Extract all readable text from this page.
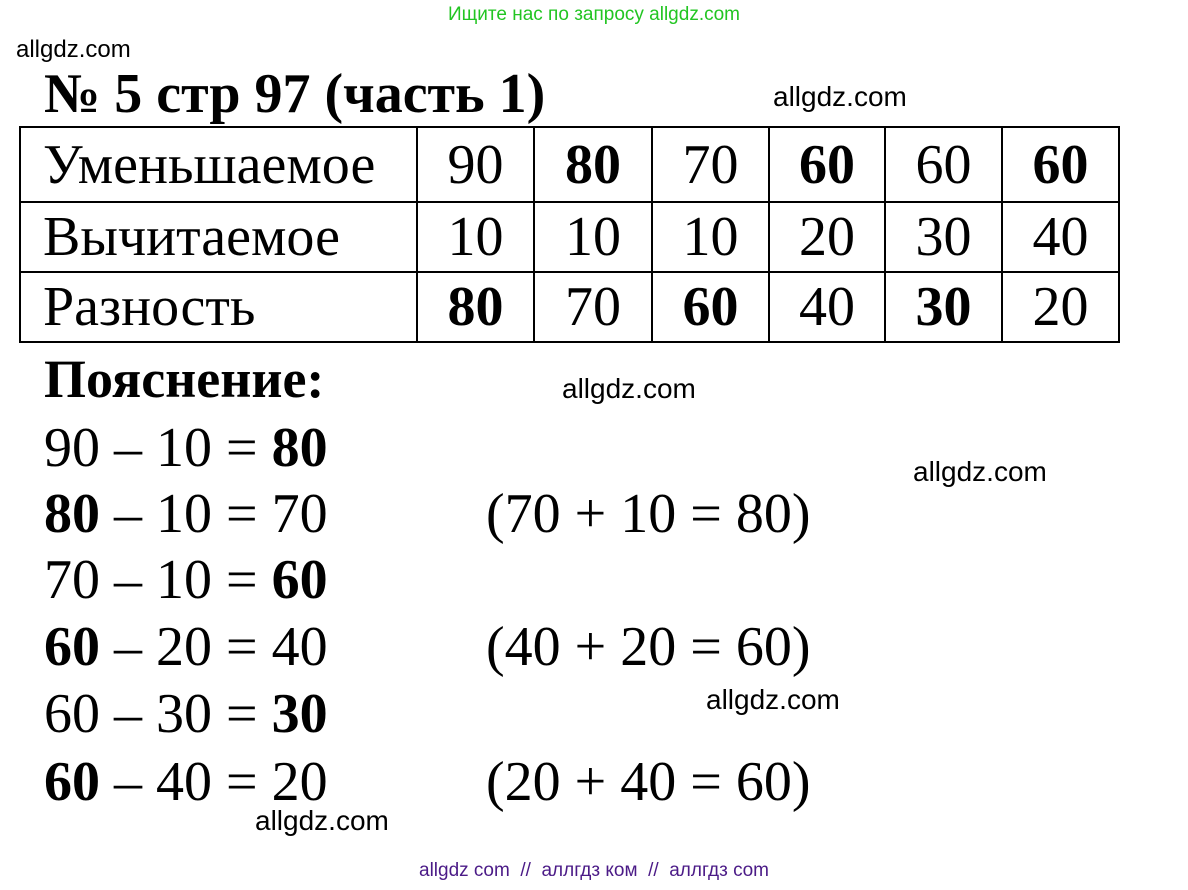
Ищите нас по запросу allgdz.com
allgdz.com
allgdz.com
allgdz.com
allgdz.com
allgdz.com
allgdz.com
№ 5 стр 97 (часть 1)
Уменьшаемое	90	80	70	60	60	60
Вычитаемое	10	10	10	20	30	40
Разность	80	70	60	40	30	20
Пояснение:
90 – 10 = 80
80 – 10 = 70	(70 + 10 = 80)
70 – 10 = 60
60 – 20 = 40	(40 + 20 = 60)
60 – 30 = 30
60 – 40 = 20	(20 + 40 = 60)
allgdz com  //  аллгдз ком  //  аллгдз com
